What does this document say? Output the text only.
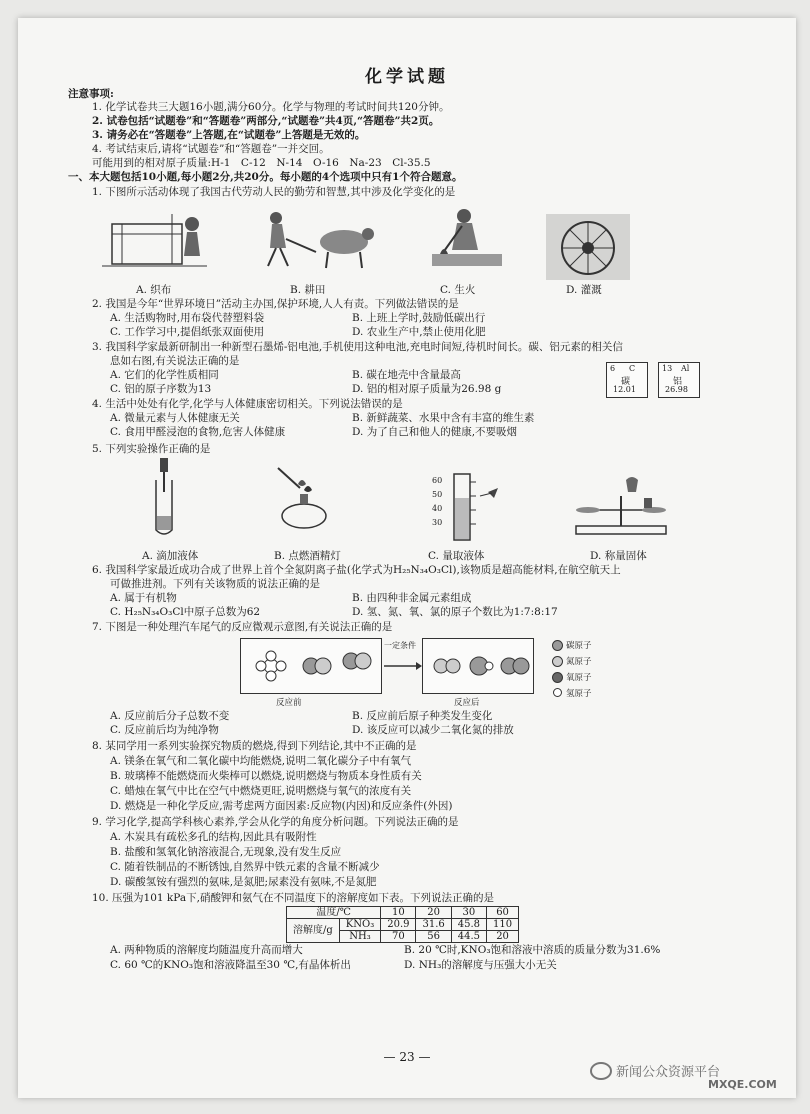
化学试题
注意事项:
1. 化学试卷共三大题16小题,满分60分。化学与物理的考试时间共120分钟。
2. 试卷包括“试题卷”和“答题卷”两部分,“试题卷”共4页,“答题卷”共2页。
3. 请务必在“答题卷”上答题,在“试题卷”上答题是无效的。
4. 考试结束后,请将“试题卷”和“答题卷”一并交回。
可能用到的相对原子质量:H-1　C-12　N-14　O-16　Na-23　Cl-35.5
一、本大题包括10小题,每小题2分,共20分。每小题的4个选项中只有1个符合题意。
1. 下图所示活动体现了我国古代劳动人民的勤劳和智慧,其中涉及化学变化的是
A. 织布	B. 耕田	C. 生火	D. 灌溉
2. 我国是今年“世界环境日”活动主办国,保护环境,人人有责。下列做法错误的是
A. 生活购物时,用布袋代替塑料袋	B. 上班上学时,鼓励低碳出行
C. 工作学习中,提倡纸张双面使用	D. 农业生产中,禁止使用化肥
3. 我国科学家最新研制出一种新型石墨烯-铝电池,手机使用这种电池,充电时间短,待机时间长。碳、铝元素的相关信
息如右图,有关说法正确的是
A. 它们的化学性质相同	B. 碳在地壳中含量最高
C. 铝的原子序数为13	D. 铝的相对原子质量为26.98 g
6 C
碳
12.01
13 Al
铝
26.98
4. 生活中处处有化学,化学与人体健康密切相关。下列说法错误的是
A. 微量元素与人体健康无关	B. 新鲜蔬菜、水果中含有丰富的维生素
C. 食用甲醛浸泡的食物,危害人体健康	D. 为了自己和他人的健康,不要吸烟
5. 下列实验操作正确的是
60
50
40
30
A. 滴加液体	B. 点燃酒精灯	C. 量取液体	D. 称量固体
6. 我国科学家最近成功合成了世界上首个全氮阴离子盐(化学式为H₂₅N₃₄O₃Cl),该物质是超高能材料,在航空航天上
可做推进剂。下列有关该物质的说法正确的是
A. 属于有机物	B. 由四种非金属元素组成
C. H₂₅N₃₄O₃Cl中原子总数为62	D. 氢、氮、氧、氯的原子个数比为1:7:8:17
7. 下图是一种处理汽车尾气的反应微观示意图,有关说法正确的是
一定条件
反应前	反应后
碳原子
氮原子
氧原子
氢原子
A. 反应前后分子总数不变	B. 反应前后原子种类发生变化
C. 反应前后均为纯净物	D. 该反应可以减少二氧化氮的排放
8. 某同学用一系列实验探究物质的燃烧,得到下列结论,其中不正确的是
A. 镁条在氧气和二氧化碳中均能燃烧,说明二氧化碳分子中有氧气
B. 玻璃棒不能燃烧而火柴棒可以燃烧,说明燃烧与物质本身性质有关
C. 蜡烛在氧气中比在空气中燃烧更旺,说明燃烧与氧气的浓度有关
D. 燃烧是一种化学反应,需考虑两方面因素:反应物(内因)和反应条件(外因)
9. 学习化学,提高学科核心素养,学会从化学的角度分析问题。下列说法正确的是
A. 木炭具有疏松多孔的结构,因此具有吸附性
B. 盐酸和氢氧化钠溶液混合,无现象,没有发生反应
C. 随着铁制品的不断锈蚀,自然界中铁元素的含量不断减少
D. 碳酸氢铵有强烈的氨味,是氮肥;尿素没有氨味,不是氮肥
10. 压强为101 kPa下,硝酸钾和氨气在不同温度下的溶解度如下表。下列说法正确的是
温度/℃		10	20	30	60
溶解度/g	KNO₃	20.9	31.6	45.8	110
	NH₃	70	56	44.5	20
A. 两种物质的溶解度均随温度升高而增大	B. 20 ℃时,KNO₃饱和溶液中溶质的质量分数为31.6%
C. 60 ℃的KNO₃饱和溶液降温至30 ℃,有晶体析出	D. NH₃的溶解度与压强大小无关
— 23 —
新闻公众资源平台
MXQE.COM
